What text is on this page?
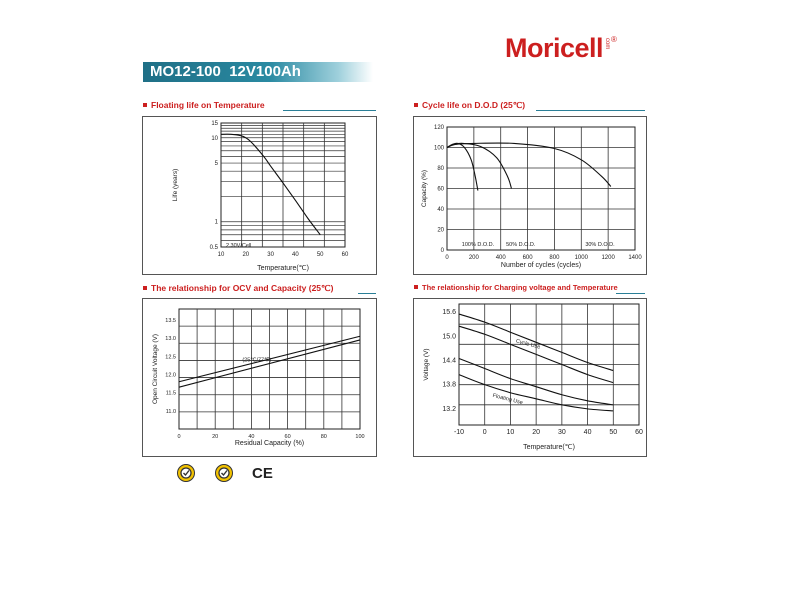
Moricell com ®
MO12-100  12V100Ah
Floating life on Temperature	Cycle life on D.O.D (25℃)
The relationship for OCV and Capacity (25℃)	The relationship for Charging voltage and Temperature
10	20	30	40	50	60
15
10
5
1
0.5
Temperature(℃)
Life (years)
2.30V/Cell
0	200	400	600	800	1000 1200 1400
0
20
40
60
80
100
120
Number of cycles (cycles)
Capacity (%)
100% D.O.D. 50% D.O.D.	30% D.O.D.
0	20	40	60	80	100
13.5
13.0
12.5
12.0
11.5
11.0
Residual Capacity (%)
Open Circuit Voltage (V)	(25℃/77℉)
-10	0	10	20	30	40	50	60
15.6
15.0
14.4
13.8
13.2
Temperature(℃)
Voltage (V)
Cycle Use
Floating Use
CE
